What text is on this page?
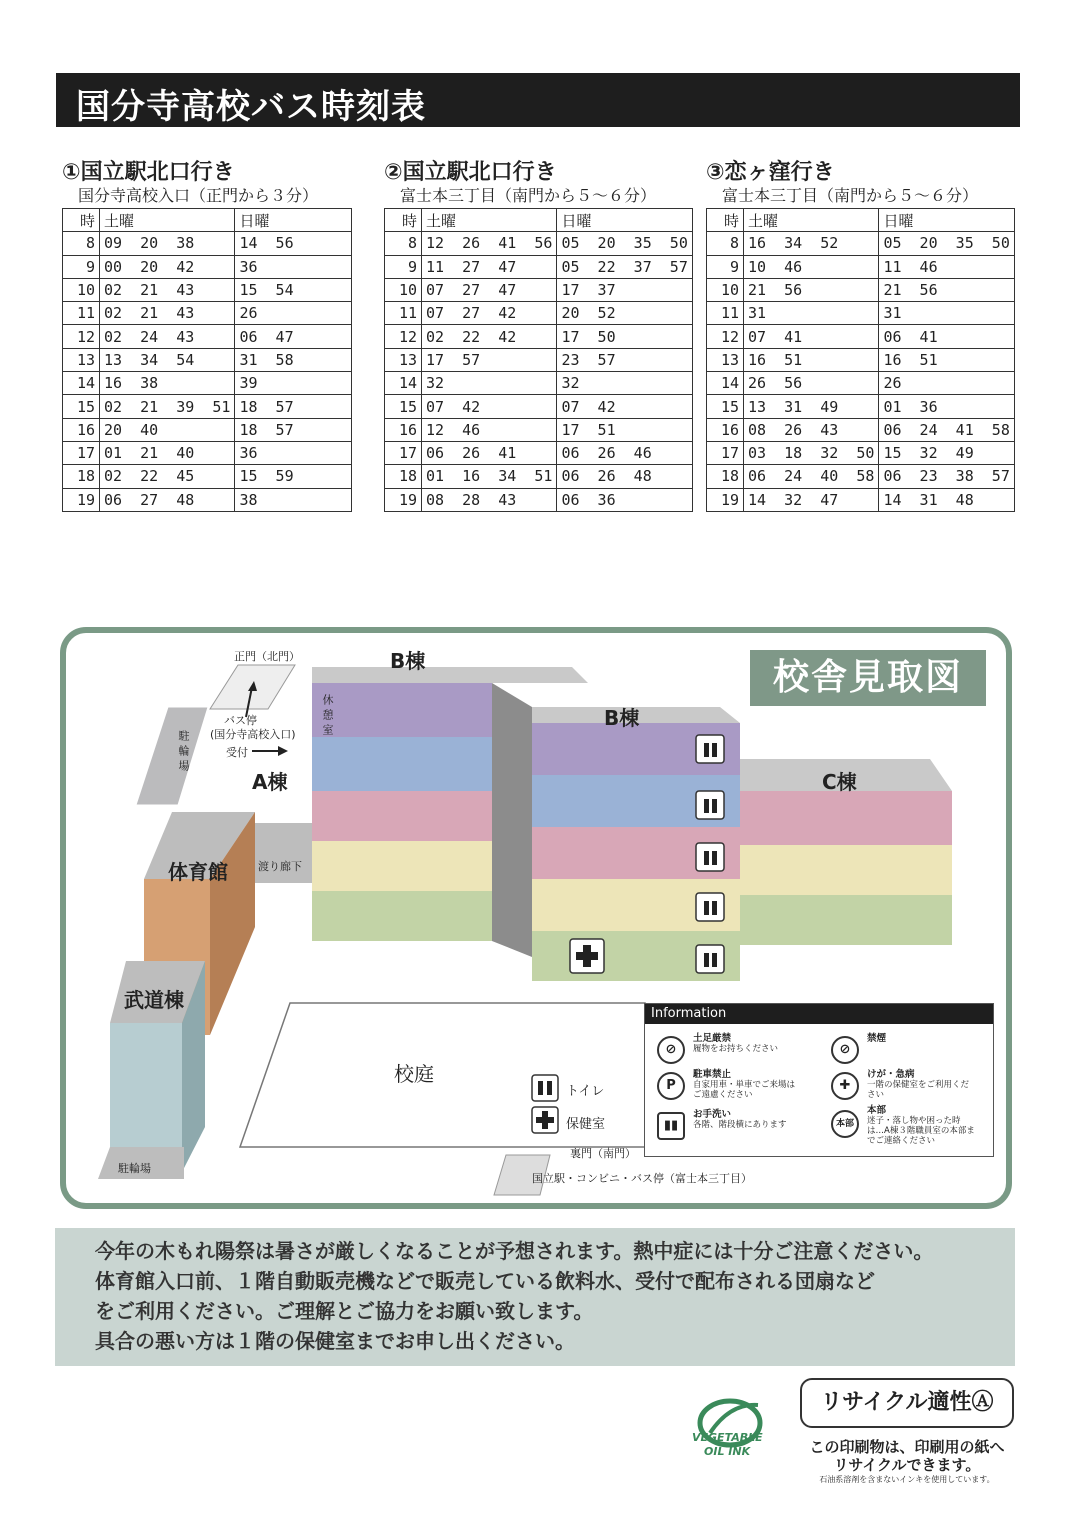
国分寺高校バス時刻表
①国立駅北口行き
国分寺高校入口（正門から３分）
時	土曜	日曜
8	09  20  38	14  56
9	00  20  42	36
10	02  21  43	15  54
11	02  21  43	26
12	02  24  43	06  47
13	13  34  54	31  58
14	16  38	39
15	02  21  39  51	18  57
16	20  40	18  57
17	01  21  40	36
18	02  22  45	15  59
19	06  27  48	38
②国立駅北口行き
富士本三丁目（南門から５～６分）
時	土曜	日曜
8	12  26  41  56	05  20  35  50
9	11  27  47	05  22  37  57
10	07  27  47	17  37
11	07  27  42	20  52
12	02  22  42	17  50
13	17  57	23  57
14	32	32
15	07  42	07  42
16	12  46	17  51
17	06  26  41	06  26  46
18	01  16  34  51	06  26  48
19	08  28  43	06  36
③恋ヶ窪行き
富士本三丁目（南門から５～６分）
時	土曜	日曜
8	16  34  52	05  20  35  50
9	10  46	11  46
10	21  56	21  56
11	31	31
12	07  41	06  41
13	16  51	16  51
14	26  56	26
15	13  31  49	01  36
16	08  26  43	06  24  41  58
17	03  18  32  50	15  32  49
18	06  24  40  58	06  23  38  57
19	14  32  47	14  31  48
校舎見取図
正門（北門）
バス停
(国分寺高校入口)
受付
駐輪場
A棟
B棟
B棟
C棟
休憩室
体育館	渡り廊下
武道棟
校庭
トイレ
保健室
裏門（南門）
国立駅・コンビニ・バス停（富士本三丁目）
駐輪場
Information
⊘
土足厳禁
履物をお持ちください	⊘
禁煙

P
駐車禁止
自家用車・単車でご来場はご遠慮ください
✚
けが・急病
一階の保健室をご利用ください
▮▮
お手洗い
各階、階段横にあります	本部
本部
迷子・落し物や困った時は…A棟３階職員室の本部までご連絡ください

今年の木もれ陽祭は暑さが厳しくなることが予想されます。熱中症には十分ご注意ください。

体育館入口前、１階自動販売機などで販売している飲料水、受付で配布される団扇など

をご利用ください。ご理解とご協力をお願い致します。

具合の悪い方は１階の保健室までお申し出ください。

VEGETABLE
OIL INK
リサイクル適性Ⓐ
この印刷物は、印刷用の紙へ
リサイクルできます。
石油系溶剤を含まないインキを使用しています。
